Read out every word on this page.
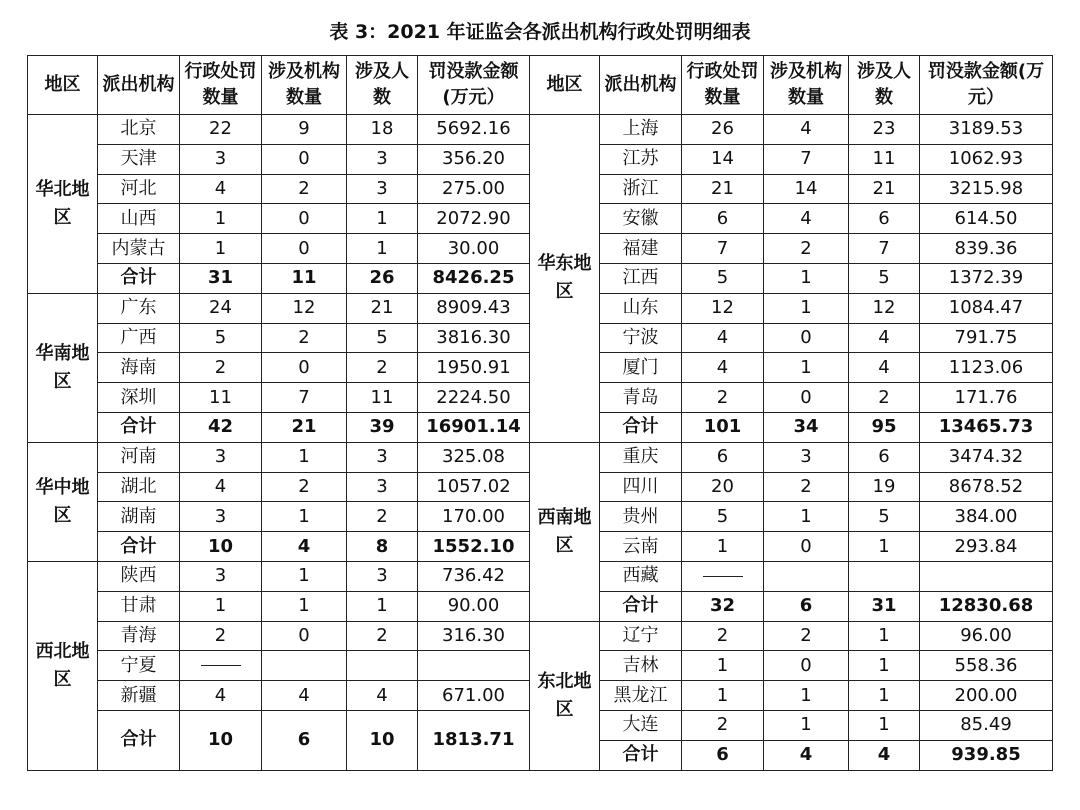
表 3：2021 年证监会各派出机构行政处罚明细表
地区	派出机构	行政处罚数量	涉及机构数量	涉及人数	罚没款金额(万元）	地区	派出机构	行政处罚数量	涉及机构数量	涉及人数	罚没款金额(万元）
华北地区	北京	22	9	18	5692.16	华东地区	上海	26	4	23	3189.53
	天津	3	0	3	356.20		江苏	14	7	11	1062.93
	河北	4	2	3	275.00		浙江	21	14	21	3215.98
	山西	1	0	1	2072.90		安徽	6	4	6	614.50
	内蒙古	1	0	1	30.00		福建	7	2	7	839.36
	合计	31	11	26	8426.25		江西	5	1	5	1372.39
华南地区	广东	24	12	21	8909.43		山东	12	1	12	1084.47
	广西	5	2	5	3816.30		宁波	4	0	4	791.75
	海南	2	0	2	1950.91		厦门	4	1	4	1123.06
	深圳	11	7	11	2224.50		青岛	2	0	2	171.76
	合计	42	21	39	16901.14		合计	101	34	95	13465.73
华中地区	河南	3	1	3	325.08	西南地区	重庆	6	3	6	3474.32
	湖北	4	2	3	1057.02		四川	20	2	19	8678.52
	湖南	3	1	2	170.00		贵州	5	1	5	384.00
	合计	10	4	8	1552.10		云南	1	0	1	293.84
西北地区	陕西	3	1	3	736.42		西藏				
	甘肃	1	1	1	90.00		合计	32	6	31	12830.68
	青海	2	0	2	316.30	东北地区	辽宁	2	2	1	96.00
	宁夏						吉林	1	0	1	558.36
	新疆	4	4	4	671.00		黑龙江	1	1	1	200.00
	合计	10	6	10	1813.71		大连	2	1	1	85.49
							合计	6	4	4	939.85
